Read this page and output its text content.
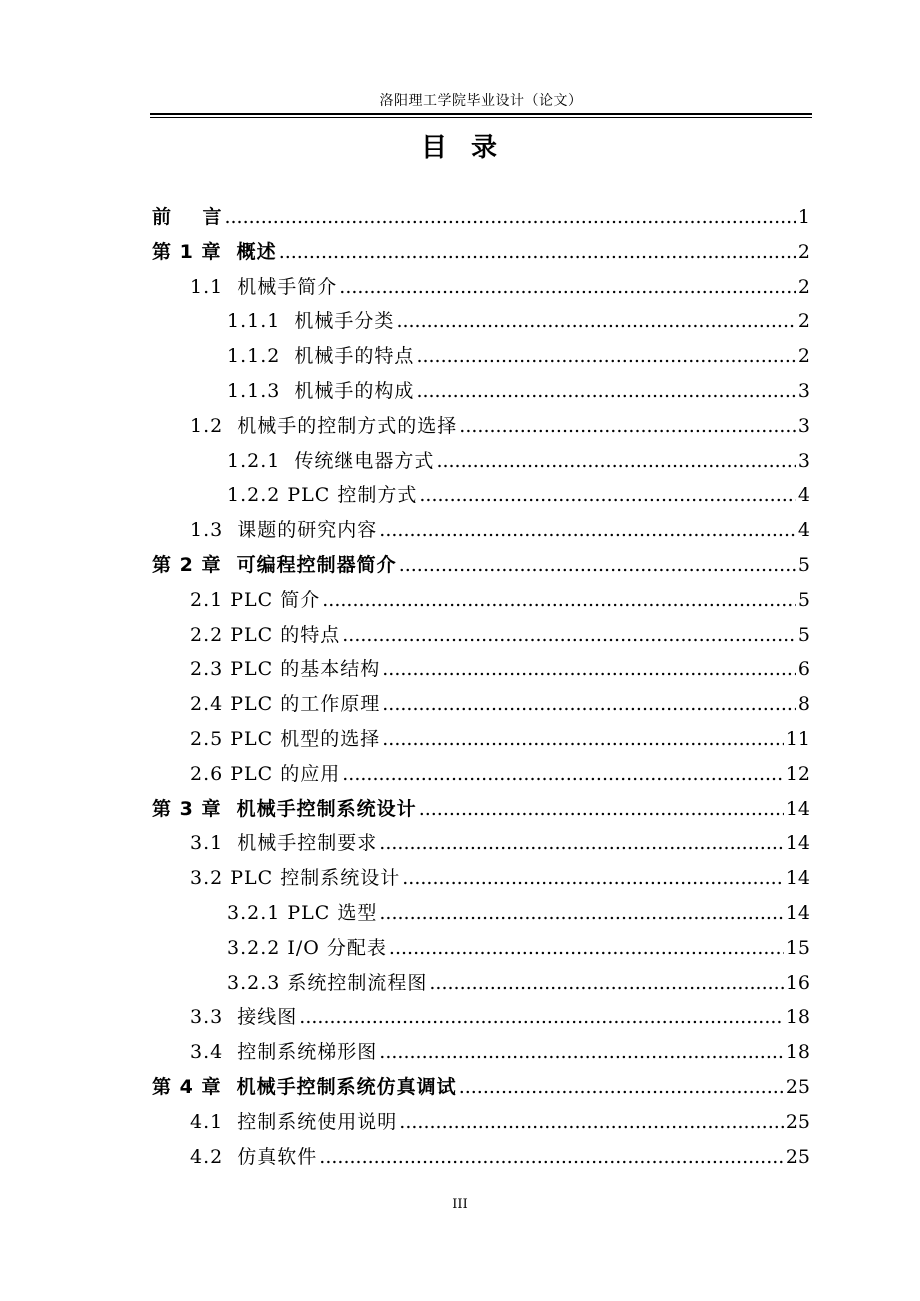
洛阳理工学院毕业设计（论文）
目  录
前    言 .....	1
第 1 章  概述 .....	2
1.1  机械手简介 .....	2
1.1.1  机械手分类 .....	2
1.1.2  机械手的特点 .....	2
1.1.3  机械手的构成 .....	3
1.2  机械手的控制方式的选择 .....	3
1.2.1  传统继电器方式 .....	3
1.2.2 PLC 控制方式 .....	4
1.3  课题的研究内容 .....	4
第 2 章  可编程控制器简介 .....	5
2.1 PLC 简介 .....	5
2.2 PLC 的特点 .....	5
2.3 PLC 的基本结构 .....	6
2.4 PLC 的工作原理 .....	8
2.5 PLC 机型的选择 .....	11
2.6 PLC 的应用 .....	12
第 3 章  机械手控制系统设计 .....	14
3.1  机械手控制要求 .....	14
3.2 PLC 控制系统设计 .....	14
3.2.1 PLC 选型 .....	14
3.2.2 I/O 分配表 .....	15
3.2.3 系统控制流程图 .....	16
3.3  接线图 .....	18
3.4  控制系统梯形图 .....	18
第 4 章  机械手控制系统仿真调试 .....	25
4.1  控制系统使用说明 .....	25
4.2  仿真软件 .....	25
III
